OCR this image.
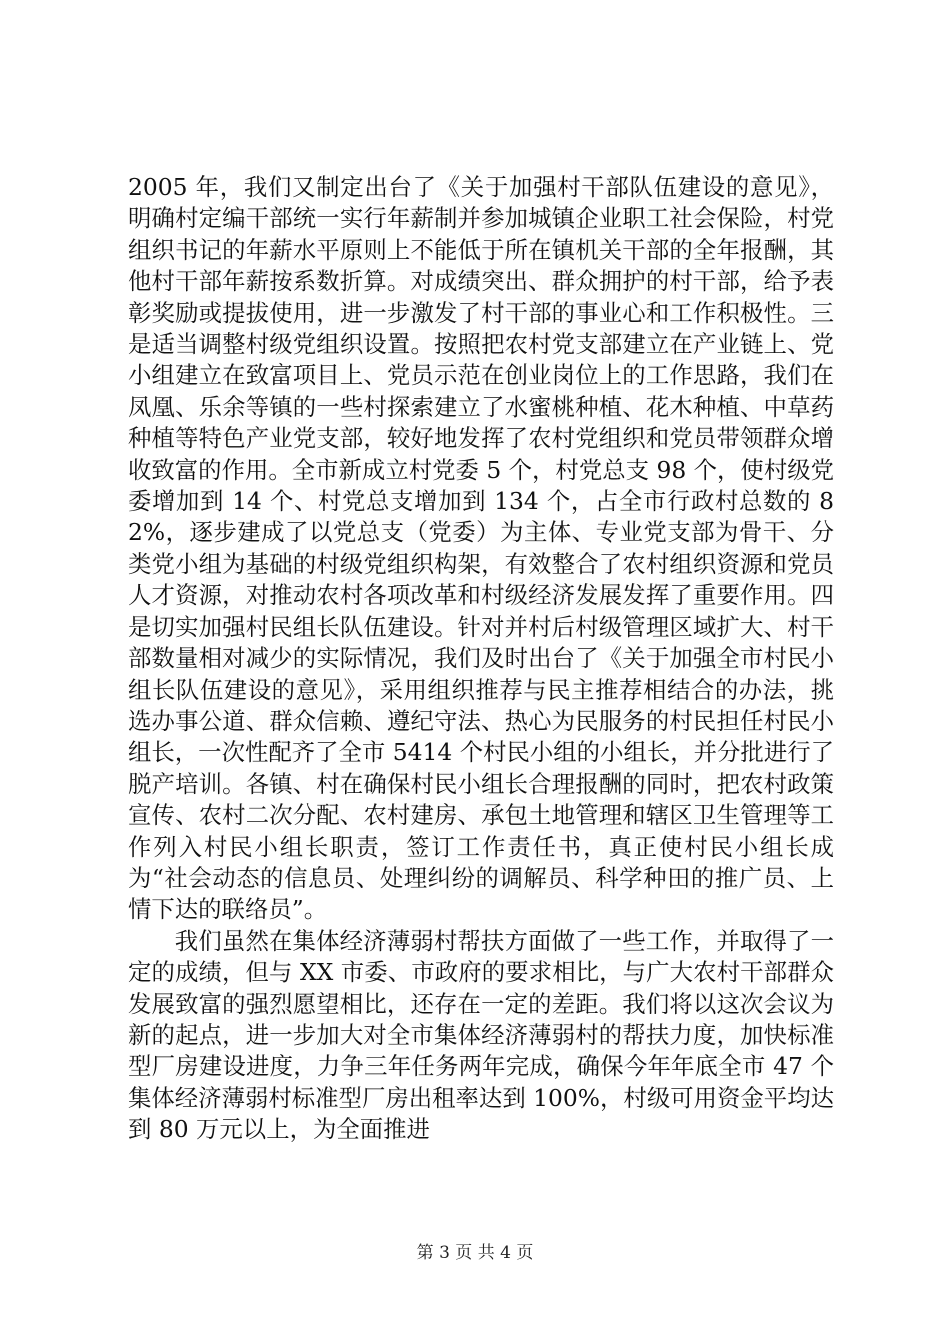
2005 年，我们又制定出台了《关于加强村干部队伍建设的意见》，明确村定编干部统一实行年薪制并参加城镇企业职工社会保险，村党组织书记的年薪水平原则上不能低于所在镇机关干部的全年报酬，其他村干部年薪按系数折算。对成绩突出、群众拥护的村干部，给予表彰奖励或提拔使用，进一步激发了村干部的事业心和工作积极性。三是适当调整村级党组织设置。按照把农村党支部建立在产业链上、党小组建立在致富项目上、党员示范在创业岗位上的工作思路，我们在凤凰、乐余等镇的一些村探索建立了水蜜桃种植、花木种植、中草药种植等特色产业党支部，较好地发挥了农村党组织和党员带领群众增收致富的作用。全市新成立村党委 5 个，村党总支 98 个，使村级党委增加到 14 个、村党总支增加到 134 个，占全市行政村总数的 82%，逐步建成了以党总支（党委）为主体、专业党支部为骨干、分类党小组为基础的村级党组织构架，有效整合了农村组织资源和党员人才资源，对推动农村各项改革和村级经济发展发挥了重要作用。四是切实加强村民组长队伍建设。针对并村后村级管理区域扩大、村干部数量相对减少的实际情况，我们及时出台了《关于加强全市村民小组长队伍建设的意见》，采用组织推荐与民主推荐相结合的办法，挑选办事公道、群众信赖、遵纪守法、热心为民服务的村民担任村民小组长，一次性配齐了全市 5414 个村民小组的小组长，并分批进行了脱产培训。各镇、村在确保村民小组长合理报酬的同时，把农村政策宣传、农村二次分配、农村建房、承包土地管理和辖区卫生管理等工作列入村民小组长职责，签订工作责任书，真正使村民小组长成为“社会动态的信息员、处理纠纷的调解员、科学种田的推广员、上情下达的联络员”。

我们虽然在集体经济薄弱村帮扶方面做了一些工作，并取得了一定的成绩，但与 XX 市委、市政府的要求相比，与广大农村干部群众发展致富的强烈愿望相比，还存在一定的差距。我们将以这次会议为新的起点，进一步加大对全市集体经济薄弱村的帮扶力度，加快标准型厂房建设进度，力争三年任务两年完成，确保今年年底全市 47 个集体经济薄弱村标准型厂房出租率达到 100%，村级可用资金平均达到 80 万元以上，为全面推进

第 3 页 共 4 页
